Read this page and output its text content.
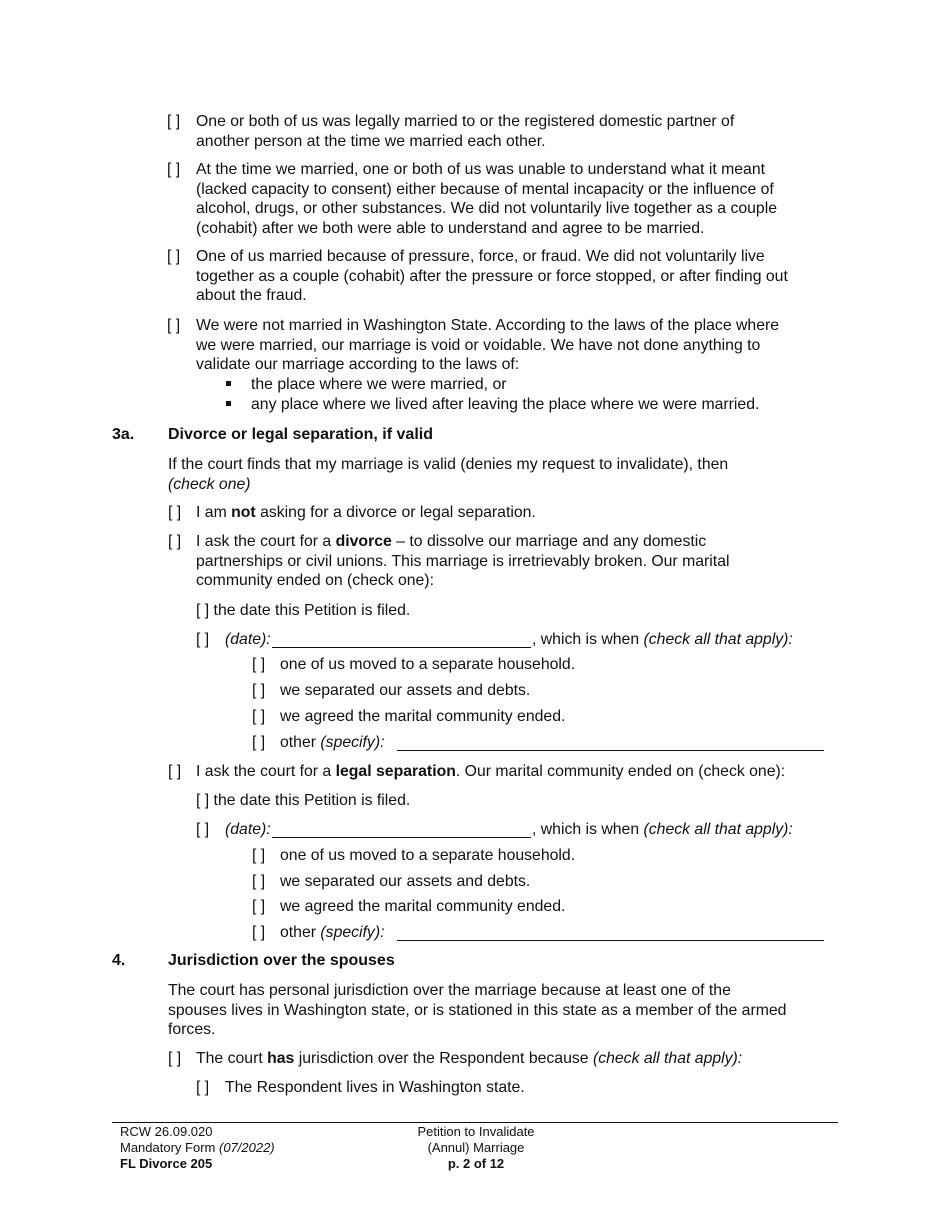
[ ] One or both of us was legally married to or the registered domestic partner of
another person at the time we married each other.
[ ] At the time we married, one or both of us was unable to understand what it meant
(lacked capacity to consent) either because of mental incapacity or the influence of
alcohol, drugs, or other substances. We did not voluntarily live together as a couple
(cohabit) after we both were able to understand and agree to be married.
[ ] One of us married because of pressure, force, or fraud. We did not voluntarily live
together as a couple (cohabit) after the pressure or force stopped, or after finding out
about the fraud.
[ ] We were not married in Washington State. According to the laws of the place where
we were married, our marriage is void or voidable. We have not done anything to
validate our marriage according to the laws of:
the place where we were married, or
any place where we lived after leaving the place where we were married.
3a. Divorce or legal separation, if valid
If the court finds that my marriage is valid (denies my request to invalidate), then
(check one)
[ ] I am not asking for a divorce or legal separation.
[ ] I ask the court for a divorce – to dissolve our marriage and any domestic
partnerships or civil unions. This marriage is irretrievably broken. Our marital
community ended on (check one):
[ ] the date this Petition is filed.
[ ] (date):	, which is when (check all that apply):
[ ] one of us moved to a separate household.
[ ] we separated our assets and debts.
[ ] we agreed the marital community ended.
[ ] other (specify):
[ ] I ask the court for a legal separation. Our marital community ended on (check one):
[ ] the date this Petition is filed.
[ ] (date):	, which is when (check all that apply):
[ ] one of us moved to a separate household.
[ ] we separated our assets and debts.
[ ] we agreed the marital community ended.
[ ] other (specify):
4.	Jurisdiction over the spouses
The court has personal jurisdiction over the marriage because at least one of the
spouses lives in Washington state, or is stationed in this state as a member of the armed
forces.
[ ] The court has jurisdiction over the Respondent because (check all that apply):
[ ] The Respondent lives in Washington state.
RCW 26.09.020
Mandatory Form (07/2022)
FL Divorce 205
Petition to Invalidate
(Annul) Marriage
p. 2 of 12
